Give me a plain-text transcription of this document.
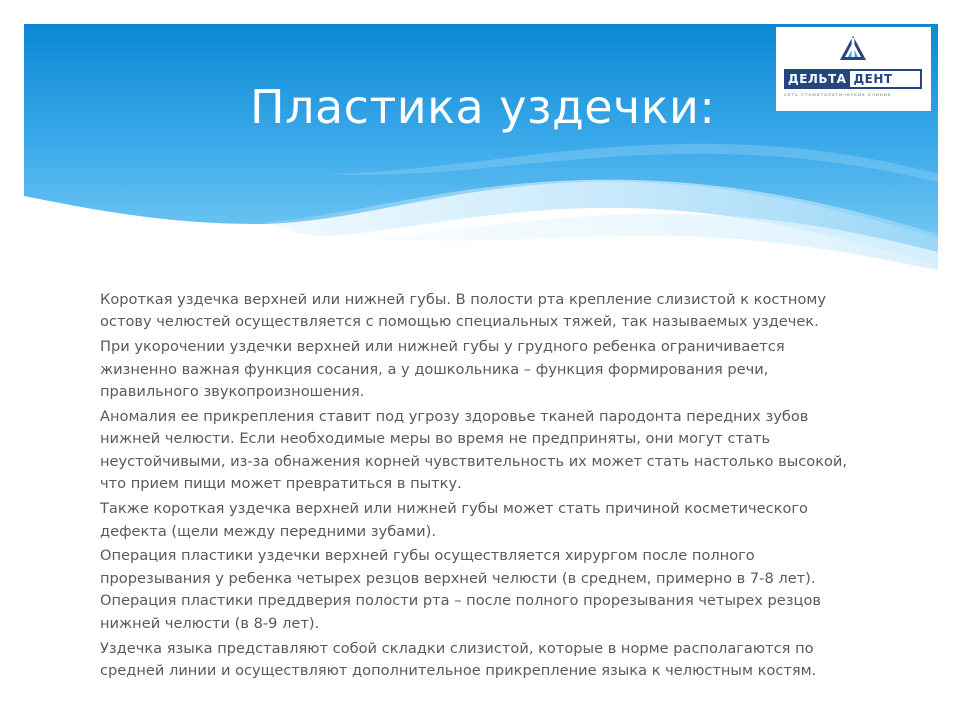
Пластика уздечки:
ДЕЛЬТА ДЕНТ
сеть стоматологических клиник

Короткая уздечка верхней или нижней губы. В полости рта крепление слизистой к костному остову челюстей осуществляется с помощью специальных тяжей, так называемых уздечек.

При укорочении уздечки верхней или нижней губы у грудного ребенка ограничивается жизненно важная функция сосания, а у дошкольника – функция формирования речи, правильного звукопроизношения.

Аномалия ее прикрепления ставит под угрозу здоровье тканей пародонта передних зубов нижней челюсти. Если необходимые меры во время не предприняты, они могут стать неустойчивыми, из-за обнажения корней чувствительность их может стать настолько высокой, что прием пищи может превратиться в пытку.

Также короткая уздечка верхней или нижней губы может стать причиной косметического дефекта (щели между передними зубами).

Операция пластики уздечки верхней губы осуществляется хирургом после полного прорезывания у ребенка четырех резцов верхней челюсти (в среднем, примерно в 7-8 лет). Операция пластики преддверия полости рта – после полного прорезывания четырех резцов нижней челюсти (в 8-9 лет).

Уздечка языка представляют собой складки слизистой, которые в норме располагаются по средней линии и осуществляют дополнительное прикрепление языка к челюстным костям.
